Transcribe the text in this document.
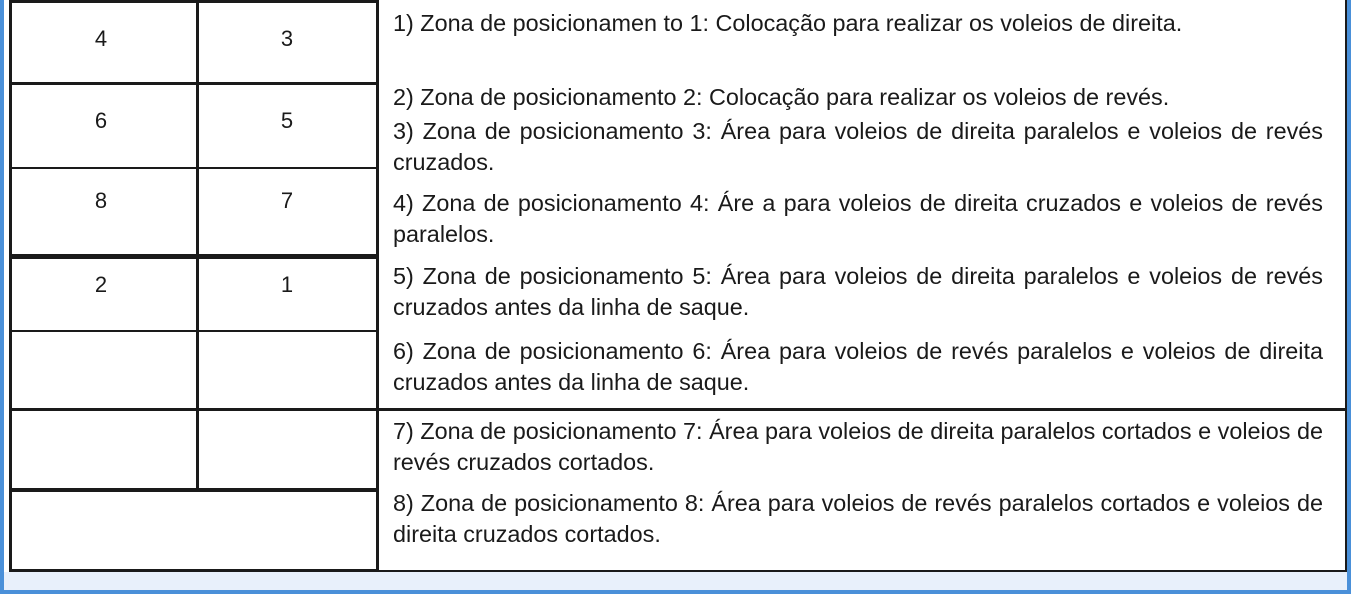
4	3
6	5
8	7
2	1
1) Zona de posicionamen to 1: Colocação para realizar os voleios de direita.
2) Zona de posicionamento 2: Colocação para realizar os voleios de revés.
3) Zona de posicionamento 3: Área para voleios de direita paralelos e voleios de revés cruzados.
4) Zona de posicionamento 4: Áre a para voleios de direita cruzados e voleios de revés paralelos.
5) Zona de posicionamento 5: Área para voleios de direita paralelos e voleios de revés cruzados antes da linha de saque.
6) Zona de posicionamento 6: Área para voleios de revés paralelos e voleios de direita cruzados antes da linha de saque.
7) Zona de posicionamento 7: Área para voleios de direita paralelos cortados e voleios de revés cruzados cortados.
8) Zona de posicionamento 8: Área para voleios de revés paralelos cortados e voleios de direita cruzados cortados.
